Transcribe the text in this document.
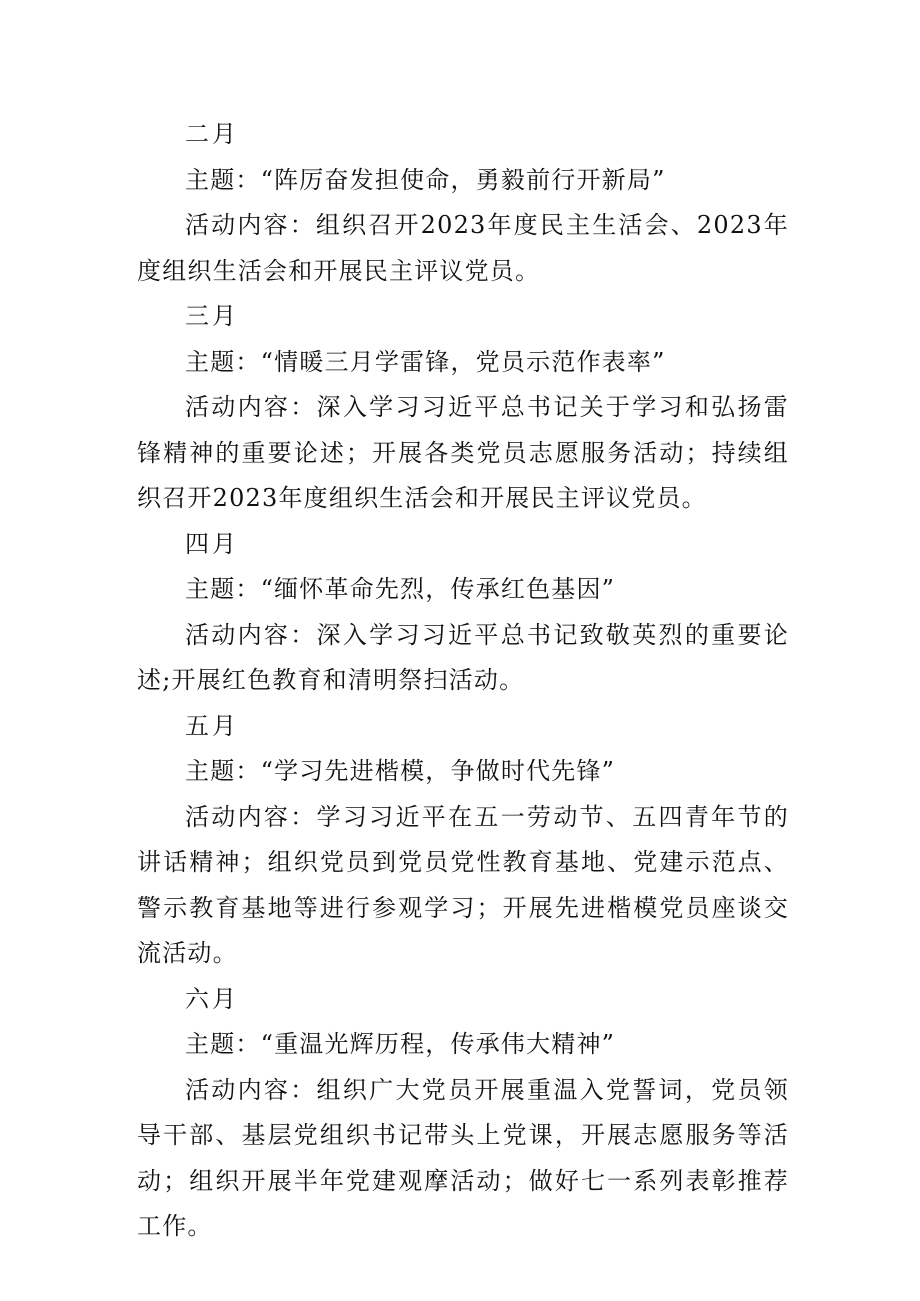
二月

主题：“阵厉奋发担使命，勇毅前行开新局”

活动内容：组织召开2023年度民主生活会、2023年度组织生活会和开展民主评议党员。

三月

主题：“情暖三月学雷锋，党员示范作表率”

活动内容：深入学习习近平总书记关于学习和弘扬雷锋精神的重要论述；开展各类党员志愿服务活动；持续组织召开2023年度组织生活会和开展民主评议党员。

四月

主题：“缅怀革命先烈，传承红色基因”

活动内容：深入学习习近平总书记致敬英烈的重要论述;开展红色教育和清明祭扫活动。

五月

主题：“学习先进楷模，争做时代先锋”

活动内容：学习习近平在五一劳动节、五四青年节的讲话精神；组织党员到党员党性教育基地、党建示范点、警示教育基地等进行参观学习；开展先进楷模党员座谈交流活动。

六月

主题：“重温光辉历程，传承伟大精神”

活动内容：组织广大党员开展重温入党誓词，党员领导干部、基层党组织书记带头上党课，开展志愿服务等活动；组织开展半年党建观摩活动；做好七一系列表彰推荐工作。
